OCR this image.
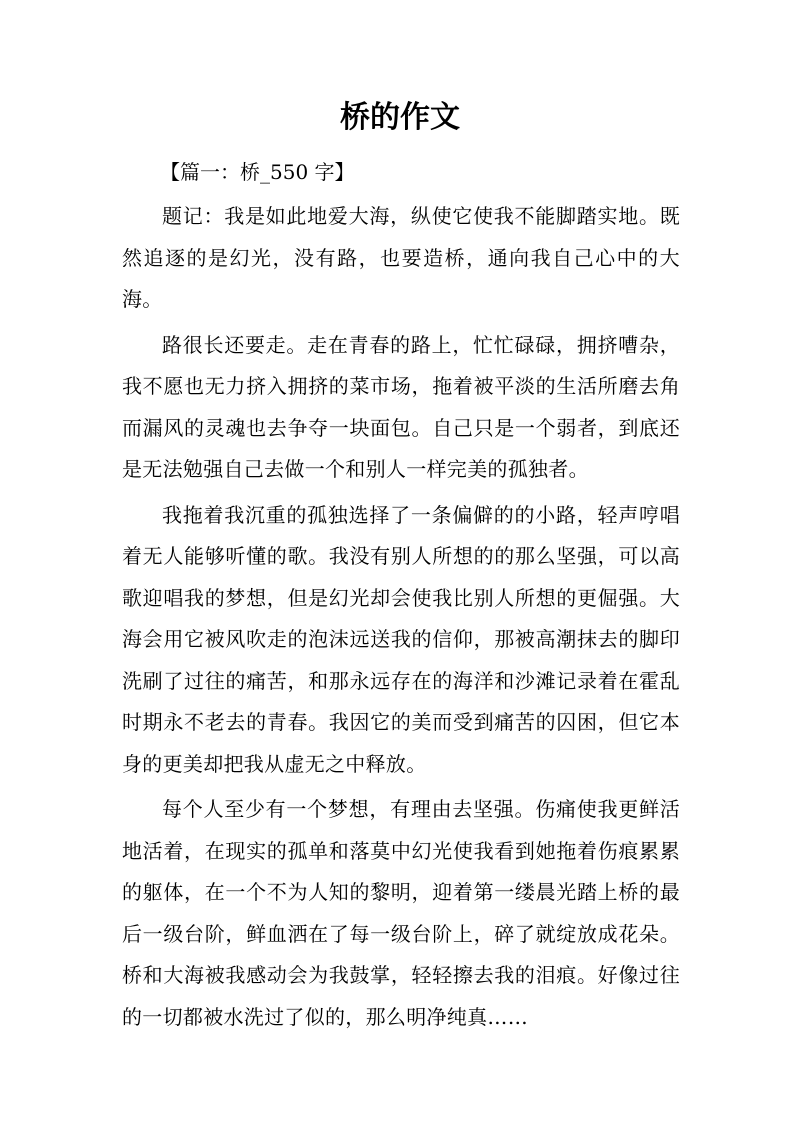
桥的作文

【篇一：桥_550 字】

题记：我是如此地爱大海，纵使它使我不能脚踏实地。既然追逐的是幻光，没有路，也要造桥，通向我自己心中的大海。

路很长还要走。走在青春的路上，忙忙碌碌，拥挤嘈杂，我不愿也无力挤入拥挤的菜市场，拖着被平淡的生活所磨去角而漏风的灵魂也去争夺一块面包。自己只是一个弱者，到底还是无法勉强自己去做一个和别人一样完美的孤独者。

我拖着我沉重的孤独选择了一条偏僻的的小路，轻声哼唱着无人能够听懂的歌。我没有别人所想的的那么坚强，可以高歌迎唱我的梦想，但是幻光却会使我比别人所想的更倔强。大海会用它被风吹走的泡沫远送我的信仰，那被高潮抹去的脚印洗刷了过往的痛苦，和那永远存在的海洋和沙滩记录着在霍乱时期永不老去的青春。我因它的美而受到痛苦的囚困，但它本身的更美却把我从虚无之中释放。

每个人至少有一个梦想，有理由去坚强。伤痛使我更鲜活地活着，在现实的孤单和落莫中幻光使我看到她拖着伤痕累累的躯体，在一个不为人知的黎明，迎着第一缕晨光踏上桥的最后一级台阶，鲜血洒在了每一级台阶上，碎了就绽放成花朵。桥和大海被我感动会为我鼓掌，轻轻擦去我的泪痕。好像过往的一切都被水洗过了似的，那么明净纯真……
